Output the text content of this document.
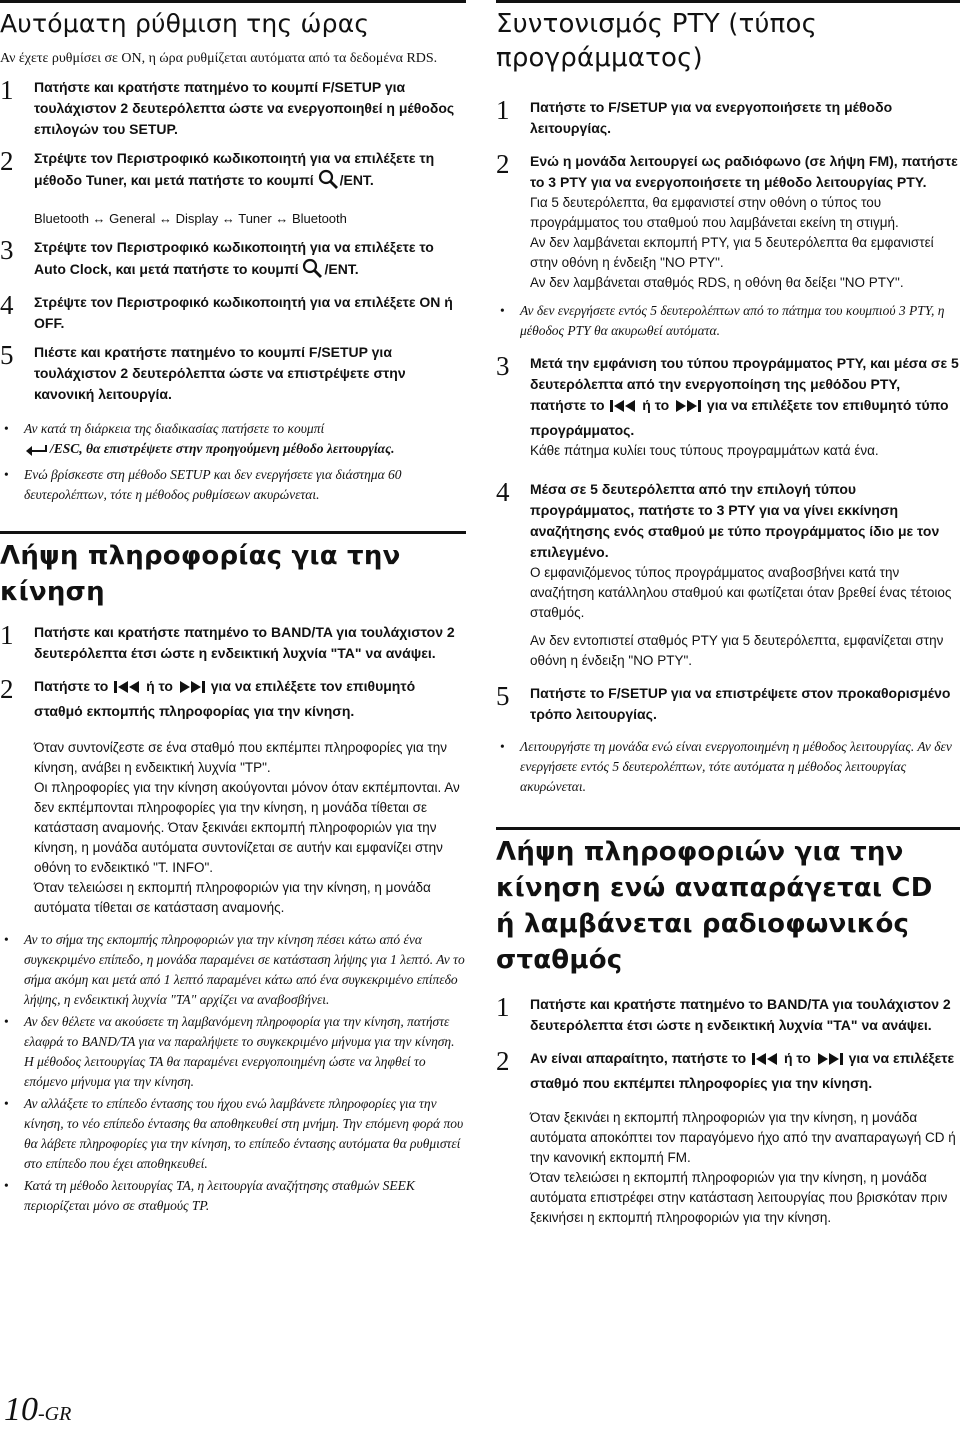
Αυτόματη ρύθμιση της ώρας

Αν έχετε ρυθμίσει σε ON, η ώρα ρυθμίζεται αυτόματα από τα δεδομένα RDS.

1	Πατήστε και κρατήστε πατημένο το κουμπί F/SETUP για τουλάχιστον 2 δευτερόλεπτα ώστε να ενεργοποιηθεί η μέθοδος επιλογών του SETUP.
2	Στρέψτε τον Περιστροφικό κωδικοποιητή για να επιλέξετε τη μέθοδο Tuner, και μετά πατήστε το κουμπί /ENT.
Bluetooth ↔ General ↔ Display ↔ Tuner ↔ Bluetooth
3	Στρέψτε τον Περιστροφικό κωδικοποιητή για να επιλέξετε το Auto Clock, και μετά πατήστε το κουμπί /ENT.
4	Στρέψτε τον Περιστροφικό κωδικοποιητή για να επιλέξετε ON ή OFF.
5	Πιέστε και κρατήστε πατημένο το κουμπί F/SETUP για τουλάχιστον 2 δευτερόλεπτα ώστε να επιστρέψετε στην κανονική λειτουργία.
• Αν κατά τη διάρκεια της διαδικασίας πατήσετε το κουμπί
/ESC, θα επιστρέψετε στην προηγούμενη μέθοδο λειτουργίας.
• Ενώ βρίσκεστε στη μέθοδο SETUP και δεν ενεργήσετε για διάστημα 60 δευτερολέπτων, τότε η μέθοδος ρυθμίσεων ακυρώνεται.
Λήψη πληροφορίας για την κίνηση
1	Πατήστε και κρατήστε πατημένο το BAND/TA για τουλάχιστον 2 δευτερόλεπτα έτσι ώστε η ενδεικτική λυχνία "TA" να ανάψει.
2	Πατήστε το  ή το  για να επιλέξετε τον επιθυμητό σταθμό εκπομπής πληροφορίας για την κίνηση.
Όταν συντονίζεστε σε ένα σταθμό που εκπέμπει πληροφορίες για την κίνηση, ανάβει η ενδεικτική λυχνία "TP".
Οι πληροφορίες για την κίνηση ακούγονται μόνον όταν εκπέμπονται. Αν δεν εκπέμπονται πληροφορίες για την κίνηση, η μονάδα τίθεται σε κατάσταση αναμονής. Όταν ξεκινάει εκπομπή πληροφοριών για την κίνηση, η μονάδα αυτόματα συντονίζεται σε αυτήν και εμφανίζει στην οθόνη το ενδεικτικό "T. INFO".
Όταν τελειώσει η εκπομπή πληροφοριών για την κίνηση, η μονάδα αυτόματα τίθεται σε κατάσταση αναμονής.
• Αν το σήμα της εκπομπής πληροφοριών για την κίνηση πέσει κάτω από ένα συγκεκριμένο επίπεδο, η μονάδα παραμένει σε κατάσταση λήψης για 1 λεπτό. Αν το σήμα ακόμη και μετά από 1 λεπτό παραμένει κάτω από ένα συγκεκριμένο επίπεδο λήψης, η ενδεικτική λυχνία "TA" αρχίζει να αναβοσβήνει.
• Αν δεν θέλετε να ακούσετε τη λαμβανόμενη πληροφορία για την κίνηση, πατήστε ελαφρά το BAND/TA για να παραλήψετε το συγκεκριμένο μήνυμα για την κίνηση. Η μέθοδος λειτουργίας TA θα παραμένει ενεργοποιημένη ώστε να ληφθεί το επόμενο μήνυμα για την κίνηση.
• Αν αλλάξετε το επίπεδο έντασης του ήχου ενώ λαμβάνετε πληροφορίες για την κίνηση, το νέο επίπεδο έντασης θα αποθηκευθεί στη μνήμη. Την επόμενη φορά που θα λάβετε πληροφορίες για την κίνηση, το επίπεδο έντασης αυτόματα θα ρυθμιστεί στο επίπεδο που έχει αποθηκευθεί.
• Κατά τη μέθοδο λειτουργίας TA, η λειτουργία αναζήτησης σταθμών SEEK περιορίζεται μόνο σε σταθμούς TP.
10-GR
Συντονισμός PTY (τύπος προγράμματος)
1	Πατήστε το F/SETUP για να ενεργοποιήσετε τη μέθοδο λειτουργίας.
2	Ενώ η μονάδα λειτουργεί ως ραδιόφωνο (σε λήψη FM), πατήστε το 3 PTY για να ενεργοποιήσετε τη μέθοδο λειτουργίας PTY.
Για 5 δευτερόλεπτα, θα εμφανιστεί στην οθόνη ο τύπος του προγράμματος του σταθμού που λαμβάνεται εκείνη τη στιγμή.
Αν δεν λαμβάνεται εκπομπή PTY, για 5 δευτερόλεπτα θα εμφανιστεί στην οθόνη η ένδειξη "NO PTY".
Αν δεν λαμβάνεται σταθμός RDS, η οθόνη θα δείξει "NO PTY".
• Αν δεν ενεργήσετε εντός 5 δευτερολέπτων από το πάτημα του κουμπιού 3 PTY, η μέθοδος PTY θα ακυρωθεί αυτόματα.
3	Μετά την εμφάνιση του τύπου προγράμματος PTY, και μέσα σε 5 δευτερόλεπτα από την ενεργοποίηση της μεθόδου PTY, πατήστε το  ή το  για να επιλέξετε τον επιθυμητό τύπο προγράμματος.
Κάθε πάτημα κυλίει τους τύπους προγραμμάτων κατά ένα.
4	Μέσα σε 5 δευτερόλεπτα από την επιλογή τύπου προγράμματος, πατήστε το 3 PTY για να γίνει εκκίνηση αναζήτησης ενός σταθμού με τύπο προγράμματος ίδιο με τον επιλεγμένο.
Ο εμφανιζόμενος τύπος προγράμματος αναβοσβήνει κατά την αναζήτηση κατάλληλου σταθμού και φωτίζεται όταν βρεθεί ένας τέτοιος σταθμός.
Αν δεν εντοπιστεί σταθμός PTY για 5 δευτερόλεπτα, εμφανίζεται στην οθόνη η ένδειξη "NO PTY".
5	Πατήστε το F/SETUP για να επιστρέψετε στον προκαθορισμένο τρόπο λειτουργίας.
• Λειτουργήστε τη μονάδα ενώ είναι ενεργοποιημένη η μέθοδος λειτουργίας. Αν δεν ενεργήσετε εντός 5 δευτερολέπτων, τότε αυτόματα η μέθοδος λειτουργίας ακυρώνεται.
Λήψη πληροφοριών για την κίνηση ενώ αναπαράγεται CD ή λαμβάνεται ραδιοφωνικός σταθμός
1	Πατήστε και κρατήστε πατημένο το BAND/TA για τουλάχιστον 2 δευτερόλεπτα έτσι ώστε η ενδεικτική λυχνία "TA" να ανάψει.
2	Αν είναι απαραίτητο, πατήστε το  ή το  για να επιλέξετε σταθμό που εκπέμπει πληροφορίες για την κίνηση.
Όταν ξεκινάει η εκπομπή πληροφοριών για την κίνηση, η μονάδα αυτόματα αποκόπτει τον παραγόμενο ήχο από την αναπαραγωγή CD ή την κανονική εκπομπή FM.
Όταν τελειώσει η εκπομπή πληροφοριών για την κίνηση, η μονάδα αυτόματα επιστρέφει στην κατάσταση λειτουργίας που βρισκόταν πριν ξεκινήσει η εκπομπή πληροφοριών για την κίνηση.
